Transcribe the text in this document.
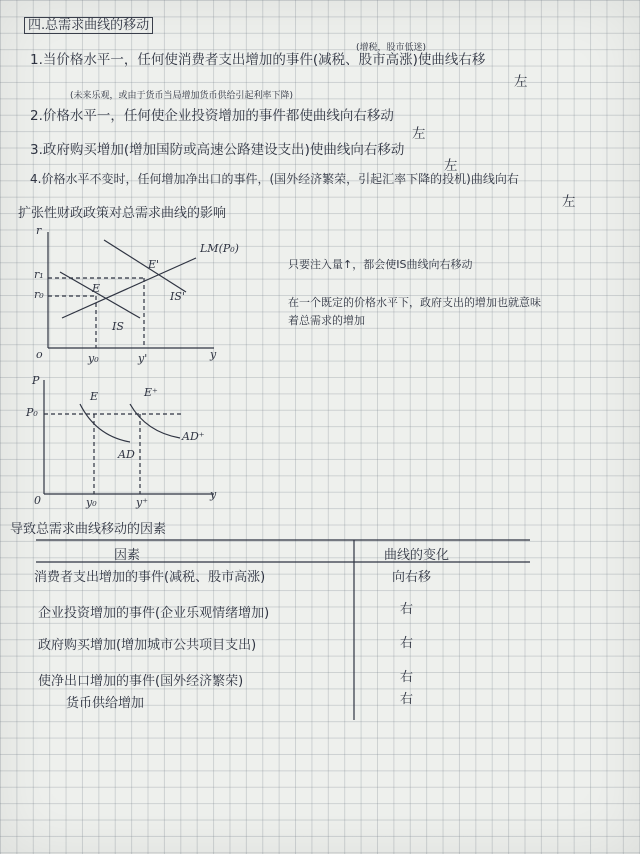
四.总需求曲线的移动
(增税，股市低迷)
1.当价格水平一，任何使消费者支出增加的事件(减税、股市高涨)使曲线右移
左
(未来乐观，或由于货币当局增加货币供给引起利率下降)
2.价格水平一，任何使企业投资增加的事件都使曲线向右移动
左
3.政府购买增加(增加国防或高速公路建设支出)使曲线向右移动
左
4.价格水平不变时，任何增加净出口的事件，(国外经济繁荣，引起汇率下降的投机)曲线向右
左
扩张性财政政策对总需求曲线的影响
只要注入量↑，都会使IS曲线向右移动
在一个既定的价格水平下，政府支出的增加也就意味
着总需求的增加
r
y
o
r₁
r₀
y₀	y'
LM(P₀)
IS'
IS
E
E'
P
y
0
P₀
y₀	y⁺
AD
AD⁺
E	E⁺
导致总需求曲线移动的因素
因素	曲线的变化
消费者支出增加的事件(减税、股市高涨)	向右移
企业投资增加的事件(企业乐观情绪增加)	右
政府购买增加(增加城市公共项目支出)	右
使净出口增加的事件(国外经济繁荣)	右
货币供给增加	右
